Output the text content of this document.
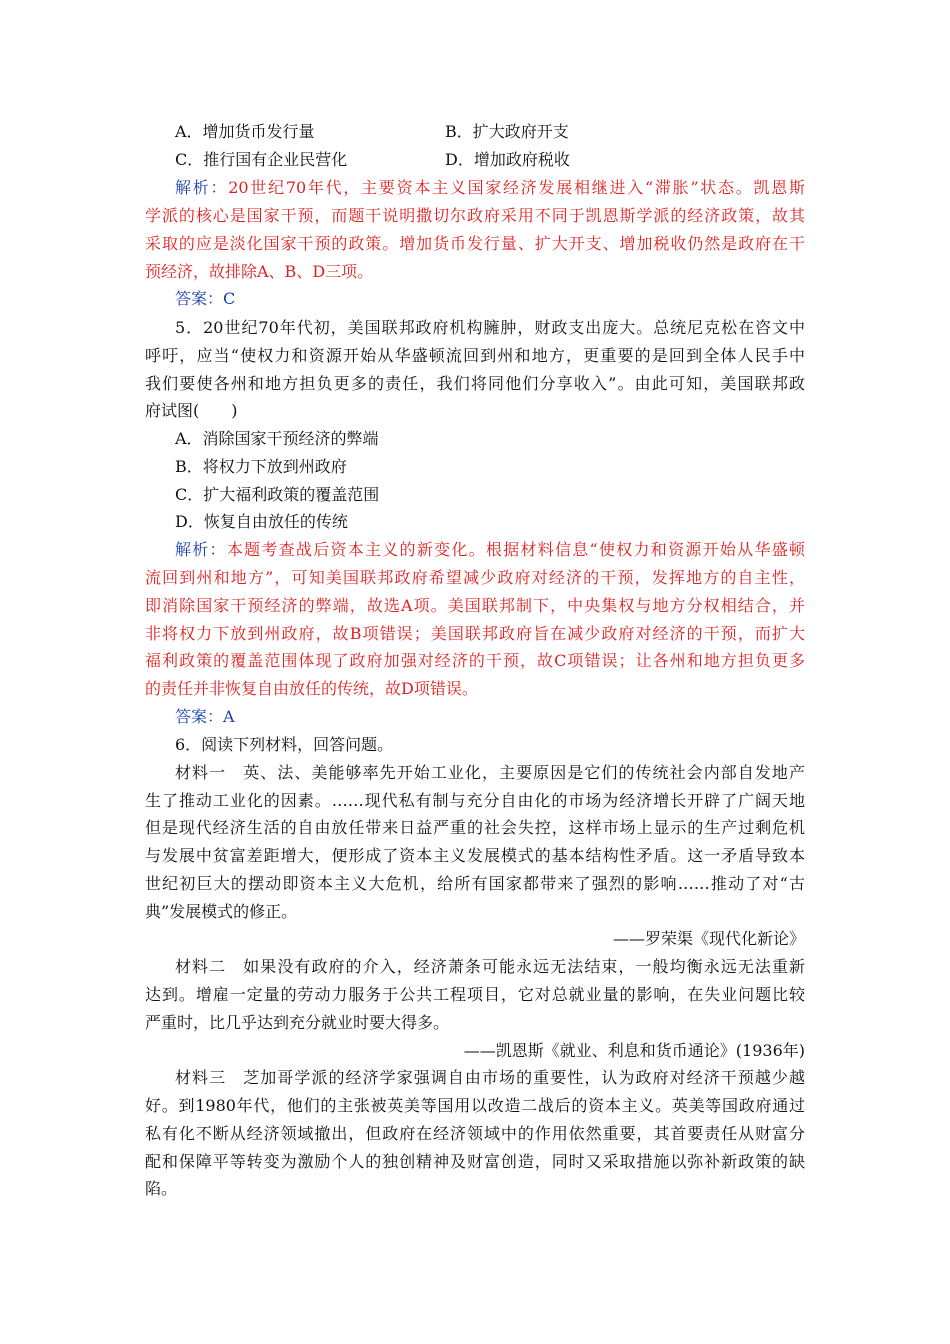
A．增加货币发行量	B．扩大政府开支
C．推行国有企业民营化	D．增加政府税收
解析：20世纪70年代，主要资本主义国家经济发展相继进入“滞胀”状态。凯恩斯
学派的核心是国家干预，而题干说明撒切尔政府采用不同于凯恩斯学派的经济政策，故其
采取的应是淡化国家干预的政策。增加货币发行量、扩大开支、增加税收仍然是政府在干
预经济，故排除A、B、D三项。
答案：C
5．20世纪70年代初，美国联邦政府机构臃肿，财政支出庞大。总统尼克松在咨文中
呼吁，应当“使权力和资源开始从华盛顿流回到州和地方，更重要的是回到全体人民手中
我们要使各州和地方担负更多的责任，我们将同他们分享收入”。由此可知，美国联邦政
府试图(　　)
A．消除国家干预经济的弊端
B．将权力下放到州政府
C．扩大福利政策的覆盖范围
D．恢复自由放任的传统
解析：本题考查战后资本主义的新变化。根据材料信息“使权力和资源开始从华盛顿
流回到州和地方”，可知美国联邦政府希望减少政府对经济的干预，发挥地方的自主性，
即消除国家干预经济的弊端，故选A项。美国联邦制下，中央集权与地方分权相结合，并
非将权力下放到州政府，故B项错误；美国联邦政府旨在减少政府对经济的干预，而扩大
福利政策的覆盖范围体现了政府加强对经济的干预，故C项错误；让各州和地方担负更多
的责任并非恢复自由放任的传统，故D项错误。
答案：A
6．阅读下列材料，回答问题。
材料一　英、法、美能够率先开始工业化，主要原因是它们的传统社会内部自发地产
生了推动工业化的因素。……现代私有制与充分自由化的市场为经济增长开辟了广阔天地
但是现代经济生活的自由放任带来日益严重的社会失控，这样市场上显示的生产过剩危机
与发展中贫富差距增大，便形成了资本主义发展模式的基本结构性矛盾。这一矛盾导致本
世纪初巨大的摆动即资本主义大危机，给所有国家都带来了强烈的影响……推动了对“古
典”发展模式的修正。
——罗荣渠《现代化新论》
材料二　如果没有政府的介入，经济萧条可能永远无法结束，一般均衡永远无法重新
达到。增雇一定量的劳动力服务于公共工程项目，它对总就业量的影响，在失业问题比较
严重时，比几乎达到充分就业时要大得多。
——凯恩斯《就业、利息和货币通论》(1936年)
材料三　芝加哥学派的经济学家强调自由市场的重要性，认为政府对经济干预越少越
好。到1980年代，他们的主张被英美等国用以改造二战后的资本主义。英美等国政府通过
私有化不断从经济领域撤出，但政府在经济领域中的作用依然重要，其首要责任从财富分
配和保障平等转变为激励个人的独创精神及财富创造，同时又采取措施以弥补新政策的缺
陷。
